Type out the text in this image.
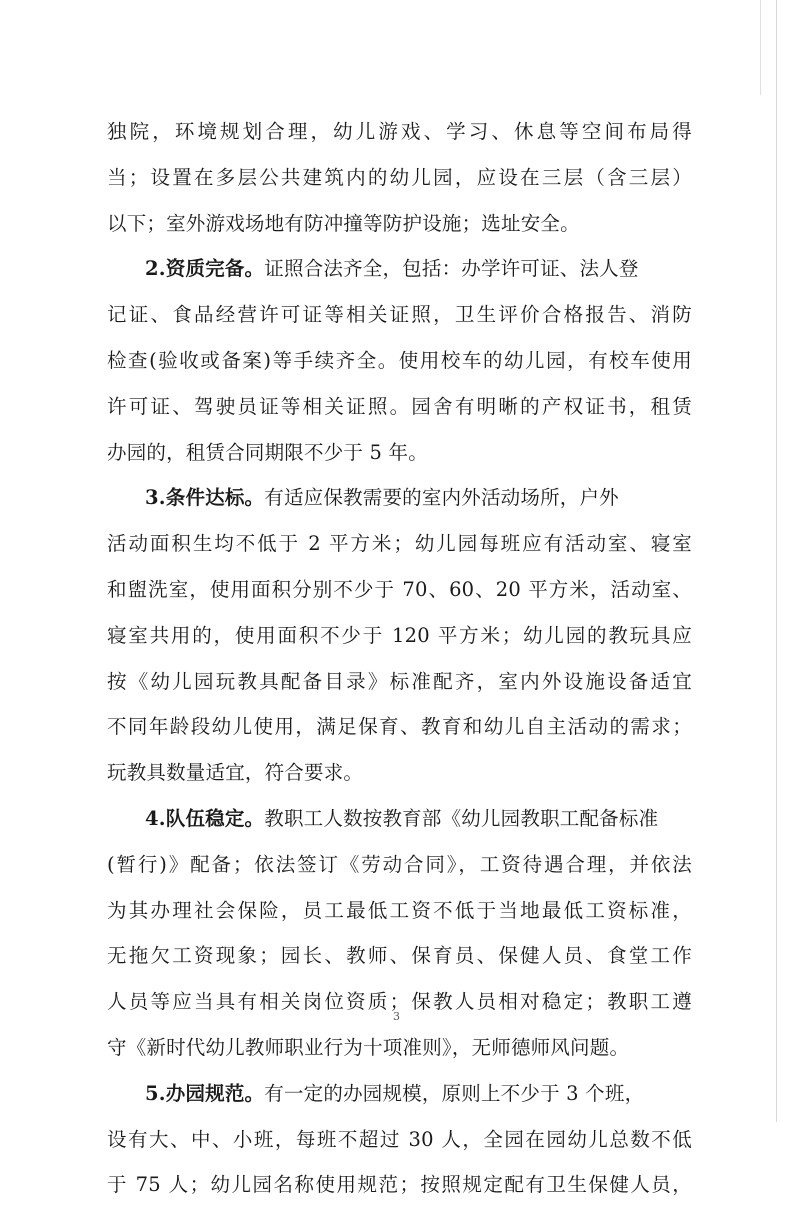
独院，环境规划合理，幼儿游戏、学习、休息等空间布局得
当；设置在多层公共建筑内的幼儿园，应设在三层（含三层）
以下；室外游戏场地有防冲撞等防护设施；选址安全。
2.资质完备。证照合法齐全，包括：办学许可证、法人登
记证、食品经营许可证等相关证照，卫生评价合格报告、消防
检查(验收或备案)等手续齐全。使用校车的幼儿园，有校车使用
许可证、驾驶员证等相关证照。园舍有明晰的产权证书，租赁
办园的，租赁合同期限不少于 5 年。
3.条件达标。有适应保教需要的室内外活动场所，户外
活动面积生均不低于 2 平方米；幼儿园每班应有活动室、寝室
和盥洗室，使用面积分别不少于 70、60、20 平方米，活动室、
寝室共用的，使用面积不少于 120 平方米；幼儿园的教玩具应
按《幼儿园玩教具配备目录》标准配齐，室内外设施设备适宜
不同年龄段幼儿使用，满足保育、教育和幼儿自主活动的需求；
玩教具数量适宜，符合要求。
4.队伍稳定。教职工人数按教育部《幼儿园教职工配备标准
(暂行)》配备；依法签订《劳动合同》，工资待遇合理，并依法
为其办理社会保险，员工最低工资不低于当地最低工资标准，
无拖欠工资现象；园长、教师、保育员、保健人员、食堂工作
人员等应当具有相关岗位资质；保教人员相对稳定；教职工遵
守《新时代幼儿教师职业行为十项准则》，无师德师风问题。
5.办园规范。有一定的办园规模，原则上不少于 3 个班，
设有大、中、小班，每班不超过 30 人，全园在园幼儿总数不低
于 75 人；幼儿园名称使用规范；按照规定配有卫生保健人员，
3
